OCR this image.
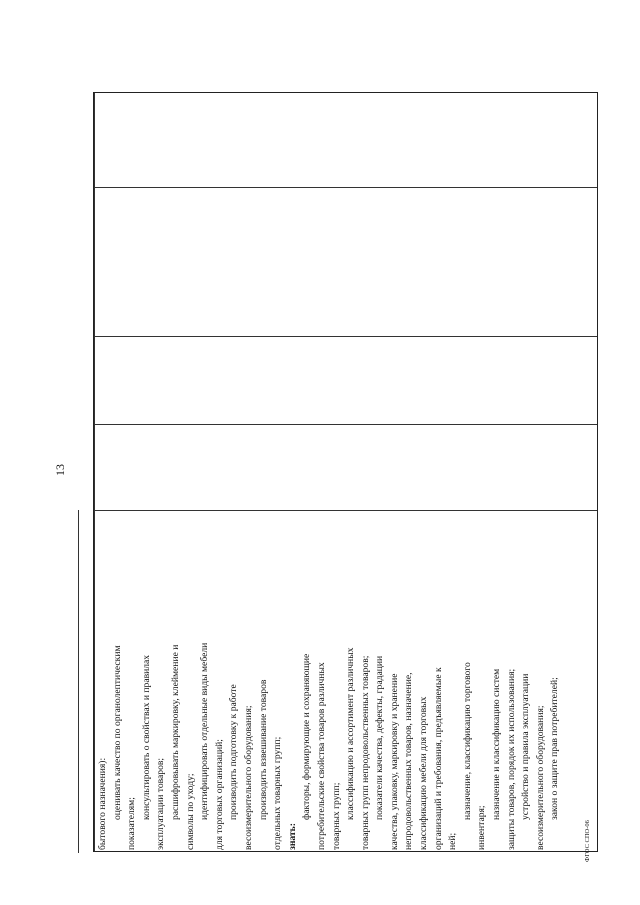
13
бытового назначения): оценивать качество по органолептическим
показателям;
консультировать о свойствах и правилах эксплуатации товаров; расшифровывать маркировку, клеймение и символы по уходу; идентифицировать отдельные виды мебели для торговых организаций; производить подготовку к работе весоизмерительного оборудования; производить взвешивание товаров отдельных товарных групп; знать:
факторы, формирующие и сохраняющие потребительские свойства товаров различных товарных групп; классификацию и ассортимент различных товарных групп непродовольственных товаров; показатели качества, дефекты, градации качества, упаковку, маркировку и хранение непродовольственных товаров, назначение, классификацию мебели для торговых организаций и требования, предъявляемые к ней;
назначение, классификацию торгового
инвентаря;
назначение и классификацию систем защиты товаров, порядок их использования; устройство и правила эксплуатации весоизмерительного оборудования; закон о защите прав потребителей;
ФГОС СПО-06
